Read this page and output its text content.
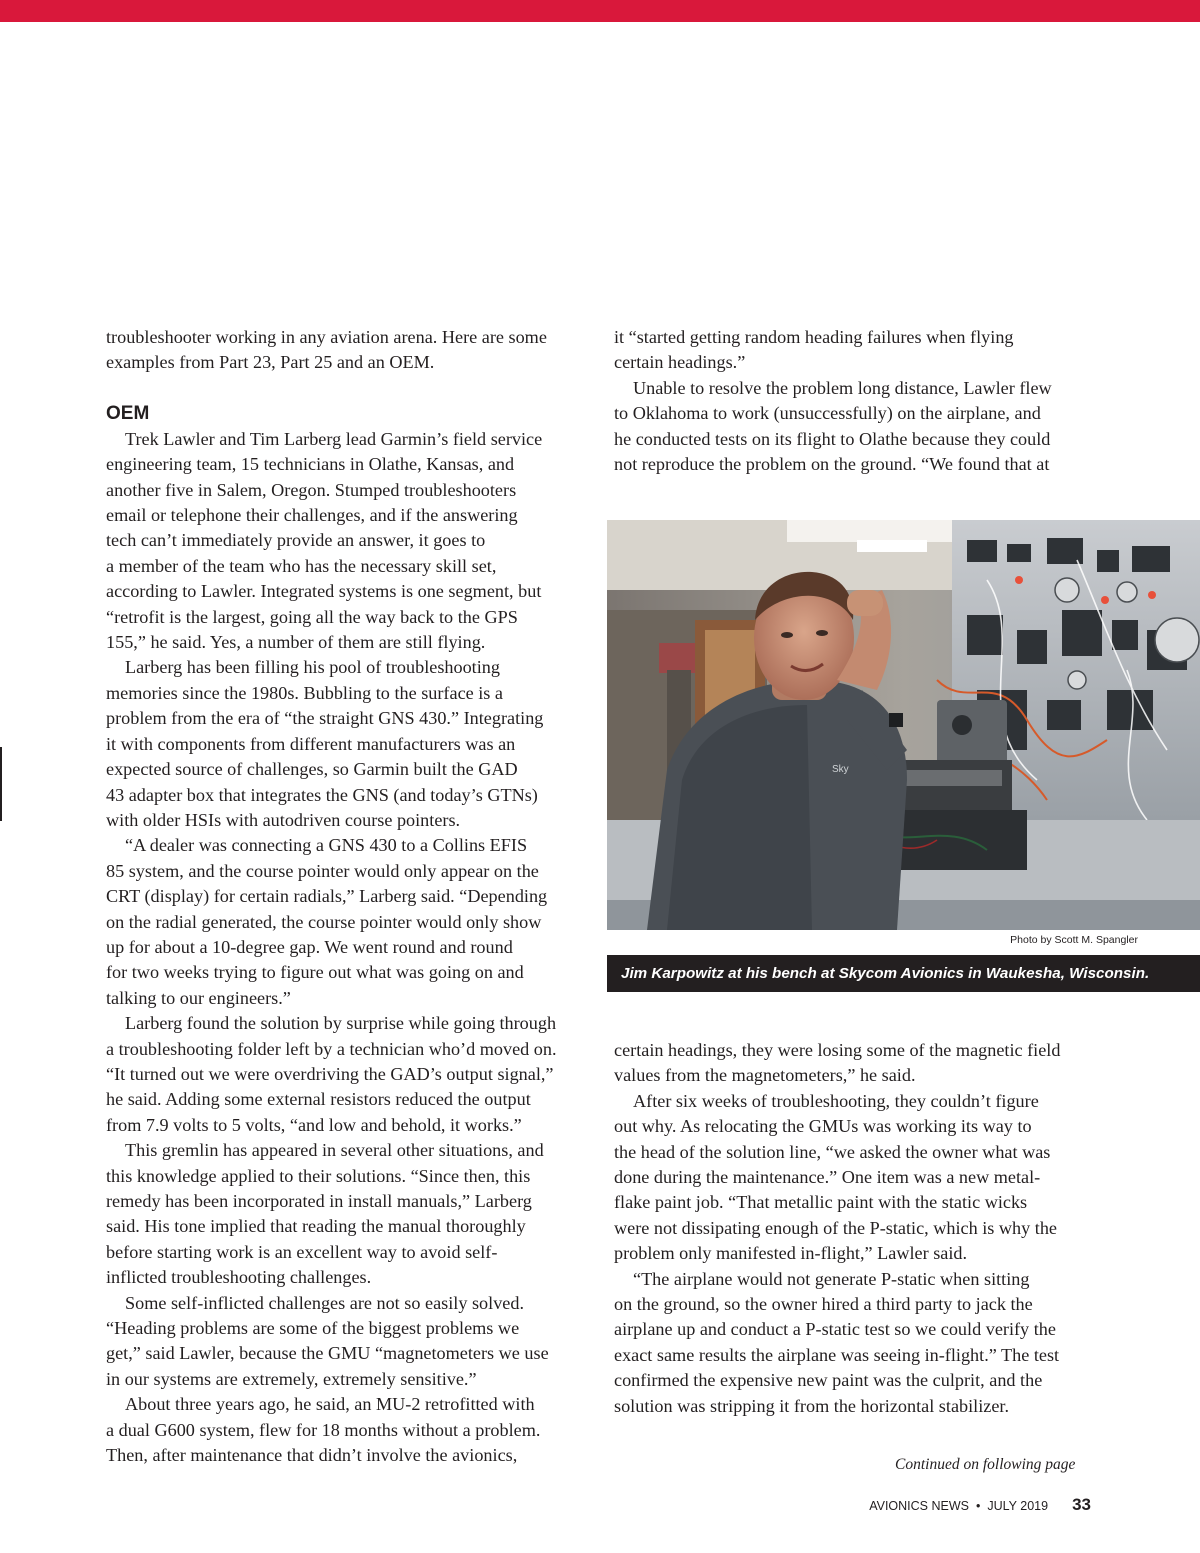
troubleshooter working in any aviation arena. Here are some
examples from Part 23, Part 25 and an OEM.
OEM
Trek Lawler and Tim Larberg lead Garmin’s field service
engineering team, 15 technicians in Olathe, Kansas, and
another five in Salem, Oregon. Stumped troubleshooters
email or telephone their challenges, and if the answering
tech can’t immediately provide an answer, it goes to
a member of the team who has the necessary skill set,
according to Lawler. Integrated systems is one segment, but
“retrofit is the largest, going all the way back to the GPS
155,” he said. Yes, a number of them are still flying.
Larberg has been filling his pool of troubleshooting
memories since the 1980s. Bubbling to the surface is a
problem from the era of “the straight GNS 430.” Integrating
it with components from different manufacturers was an
expected source of challenges, so Garmin built the GAD
43 adapter box that integrates the GNS (and today’s GTNs)
with older HSIs with autodriven course pointers.
“A dealer was connecting a GNS 430 to a Collins EFIS
85 system, and the course pointer would only appear on the
CRT (display) for certain radials,” Larberg said. “Depending
on the radial generated, the course pointer would only show
up for about a 10-degree gap. We went round and round
for two weeks trying to figure out what was going on and
talking to our engineers.”
Larberg found the solution by surprise while going through
a troubleshooting folder left by a technician who’d moved on.
“It turned out we were overdriving the GAD’s output signal,”
he said. Adding some external resistors reduced the output
from 7.9 volts to 5 volts, “and low and behold, it works.”
This gremlin has appeared in several other situations, and
this knowledge applied to their solutions. “Since then, this
remedy has been incorporated in install manuals,” Larberg
said. His tone implied that reading the manual thoroughly
before starting work is an excellent way to avoid self-
inflicted troubleshooting challenges.
Some self-inflicted challenges are not so easily solved.
“Heading problems are some of the biggest problems we
get,” said Lawler, because the GMU “magnetometers we use
in our systems are extremely, extremely sensitive.”
About three years ago, he said, an MU-2 retrofitted with
a dual G600 system, flew for 18 months without a problem.
Then, after maintenance that didn’t involve the avionics,
it “started getting random heading failures when flying
certain headings.”
Unable to resolve the problem long distance, Lawler flew
to Oklahoma to work (unsuccessfully) on the airplane, and
he conducted tests on its flight to Olathe because they could
not reproduce the problem on the ground. “We found that at
Sky
Photo by Scott M. Spangler
Jim Karpowitz at his bench at Skycom Avionics in Waukesha, Wisconsin.
certain headings, they were losing some of the magnetic field
values from the magnetometers,” he said.
After six weeks of troubleshooting, they couldn’t figure
out why. As relocating the GMUs was working its way to
the head of the solution line, “we asked the owner what was
done during the maintenance.” One item was a new metal-
flake paint job. “That metallic paint with the static wicks
were not dissipating enough of the P-static, which is why the
problem only manifested in-flight,” Lawler said.
“The airplane would not generate P-static when sitting
on the ground, so the owner hired a third party to jack the
airplane up and conduct a P-static test so we could verify the
exact same results the airplane was seeing in-flight.” The test
confirmed the expensive new paint was the culprit, and the
solution was stripping it from the horizontal stabilizer.
Continued on following page
AVIONICS NEWS • JULY 2019 33
